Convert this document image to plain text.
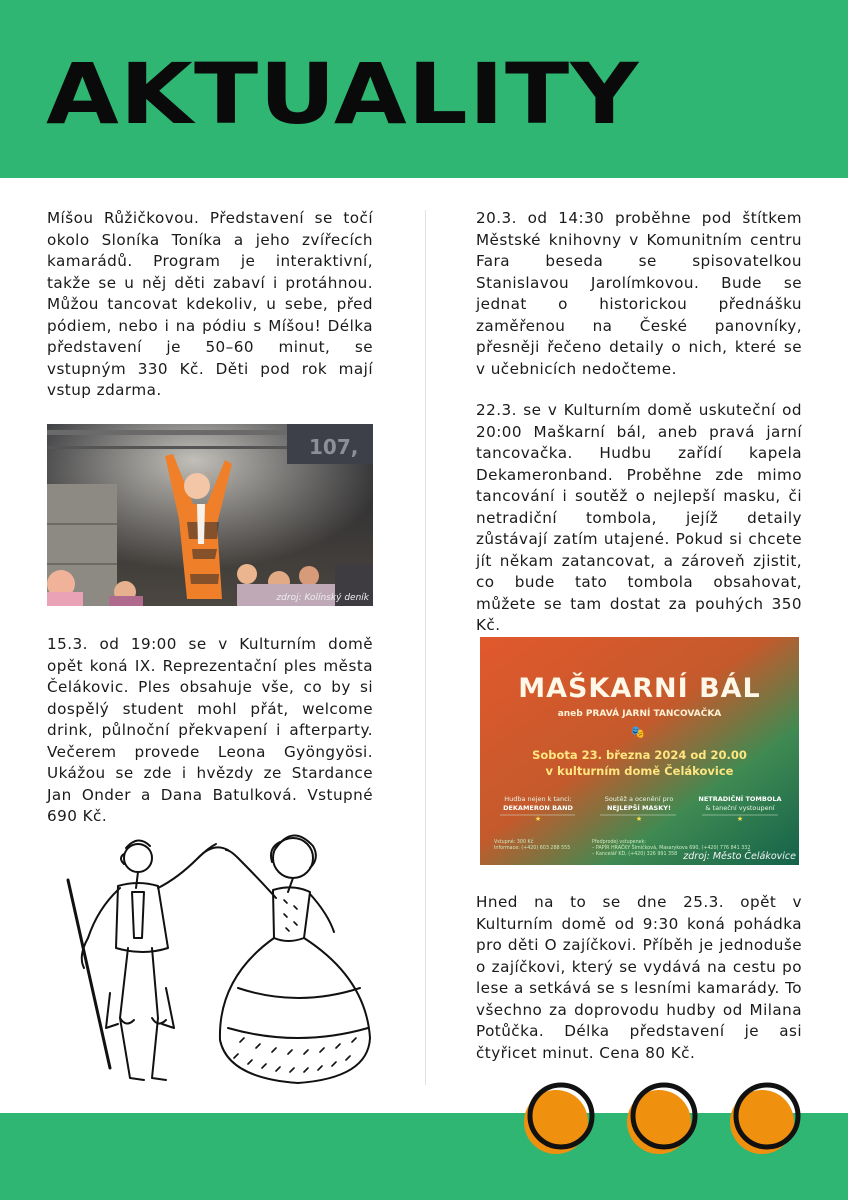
AKTUALITY

Míšou Růžičkovou. Představení se točí okolo Sloníka Toníka a jeho zvířecích kamarádů. Program je interaktivní, takže se u něj děti zabaví i protáhnou. Můžou tancovat kdekoliv, u sebe, před pódiem, nebo i na pódiu s Míšou! Délka představení je 50–60 minut, se vstupným 330 Kč. Děti pod rok mají vstup zdarma.

107,
zdroj: Kolínský deník

15.3. od 19:00 se v Kulturním domě opět koná IX. Reprezentační ples města Čelákovic. Ples obsahuje vše, co by si dospělý student mohl přát, welcome drink, půlnoční překvapení i afterparty. Večerem provede Leona Gyöngyösi. Ukážou se zde i hvězdy ze Stardance Jan Onder a Dana Batulková. Vstupné 690 Kč.

20.3. od 14:30 proběhne pod štítkem Městské knihovny v Komunitním centru Fara beseda se spisovatelkou Stanislavou Jarolímkovou. Bude se jednat o historickou přednášku zaměřenou na České panovníky, přesněji řečeno detaily o nich, které se v učebnicích nedočteme.

22.3. se v Kulturním domě uskuteční od 20:00 Maškarní bál, aneb pravá jarní tancovačka. Hudbu zařídí kapela Dekameronband. Proběhne zde mimo tancování i soutěž o nejlepší masku, či netradiční tombola, jejíž detaily zůstávají zatím utajené. Pokud si chcete jít někam zatancovat, a zároveň zjistit, co bude tato tombola obsahovat, můžete se tam dostat za pouhých 350 Kč.

MAŠKARNÍ BÁL
aneb PRAVÁ JARNÍ TANCOVAČKA
🎭
Sobota 23. března 2024 od 20.00
v kulturním domě Čelákovice
Hudba nejen k tanci:
DEKAMERON BAND
★
Soutěž a ocenění pro
NEJLEPŠÍ MASKY!
★
NETRADIČNÍ TOMBOLA
& taneční vystoupení
★
Vstupné: 300 Kč
Informace: (+420) 603 288 555
Předprodej vstupenek:
– PAPÍR HRAČKY Šimíčková, Masarykova 690, (+420) 776 841 332
– Kancelář KD, (+420) 326 991 358 zdroj: Město Čelákovice

Hned na to se dne 25.3. opět v Kulturním domě od 9:30 koná pohádka pro děti O zajíčkovi. Příběh je jednoduše o zajíčkovi, který se vydává na cestu po lese a setkává se s lesními kamarády. To všechno za doprovodu hudby od Milana Potůčka. Délka představení je asi čtyřicet minut. Cena 80 Kč.
